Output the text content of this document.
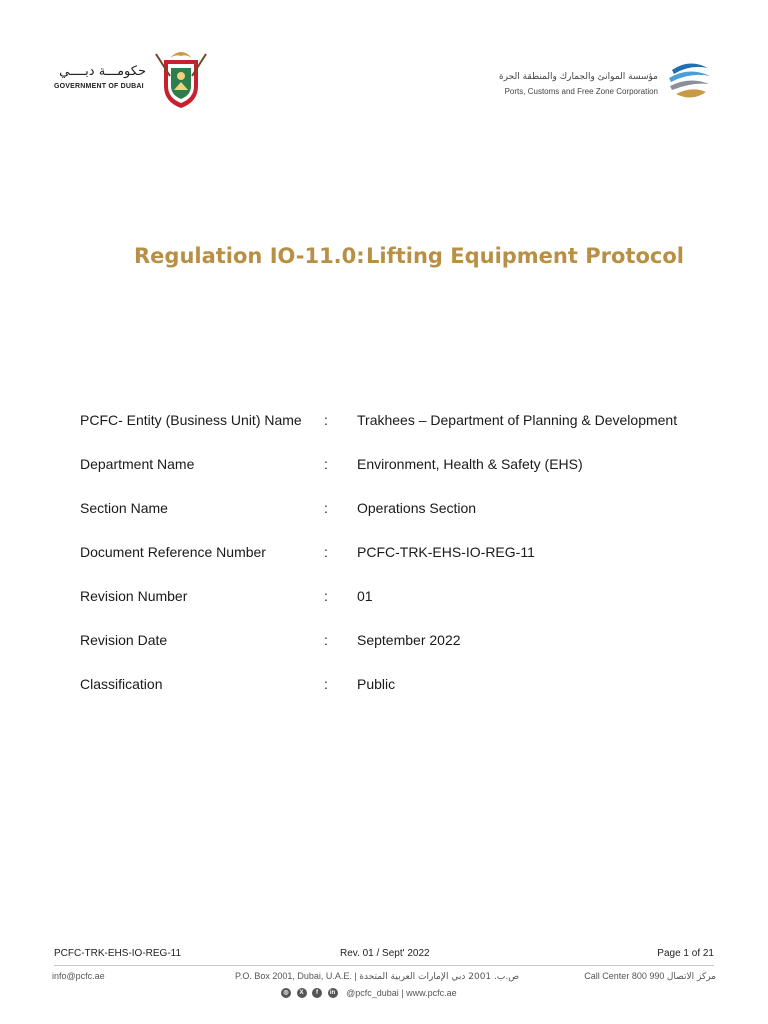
حكومـــة دبــــي
GOVERNMENT OF DUBAI
مؤسسة الموانئ والجمارك والمنطقة الحرة
Ports, Customs and Free Zone Corporation
Regulation IO-11.0: Lifting Equipment Protocol
PCFC- Entity (Business Unit) Name : Trakhees – Department of Planning & Development
Department Name	: Environment, Health & Safety (EHS)
Section Name	: Operations Section
Document Reference Number	: PCFC-TRK-EHS-IO-REG-11
Revision Number	: 01
Revision Date	: September 2022
Classification	: Public
PCFC-TRK-EHS-IO-REG-11	Rev. 01 / Sept' 2022	Page 1 of 21
info@pcfc.ae	P.O. Box 2001, Dubai, U.A.E. | ص.ب. 2001 دبي الإمارات العربية المتحدة	Call Center 800 990 مركز الاتصال
◎
	X
	f
	in @pcfc_dubai | www.pcfc.ae
